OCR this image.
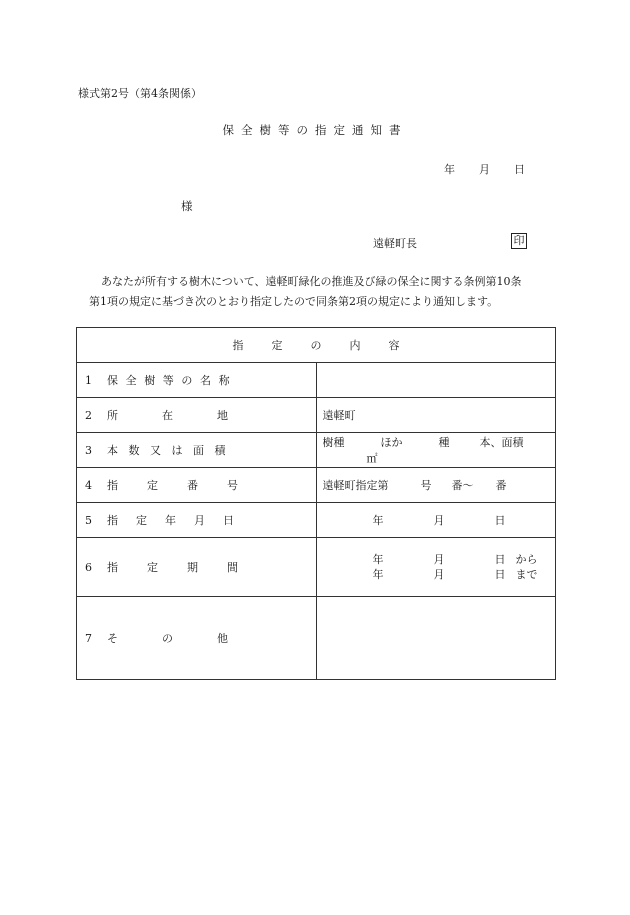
様式第2号（第4条関係）
保全樹等の指定通知書
年 月 日
様
遠軽町長	印

あなたが所有する樹木について、遠軽町緑化の推進及び緑の保全に関する条例第10条

第1項の規定に基づき次のとおり指定したので同条第2項の規定により通知します。

指定の内容	
1 保全樹等の名称	
2 所在地	遠軽町
3 本数又は面積	樹種 ほか 種 本、面積㎡
4 指定番号	遠軽町指定第 号 番～ 番
5 指定年月日	年 月 日
6 指定期間	年 月 日 から
年 月 日 まで

7 その他	
